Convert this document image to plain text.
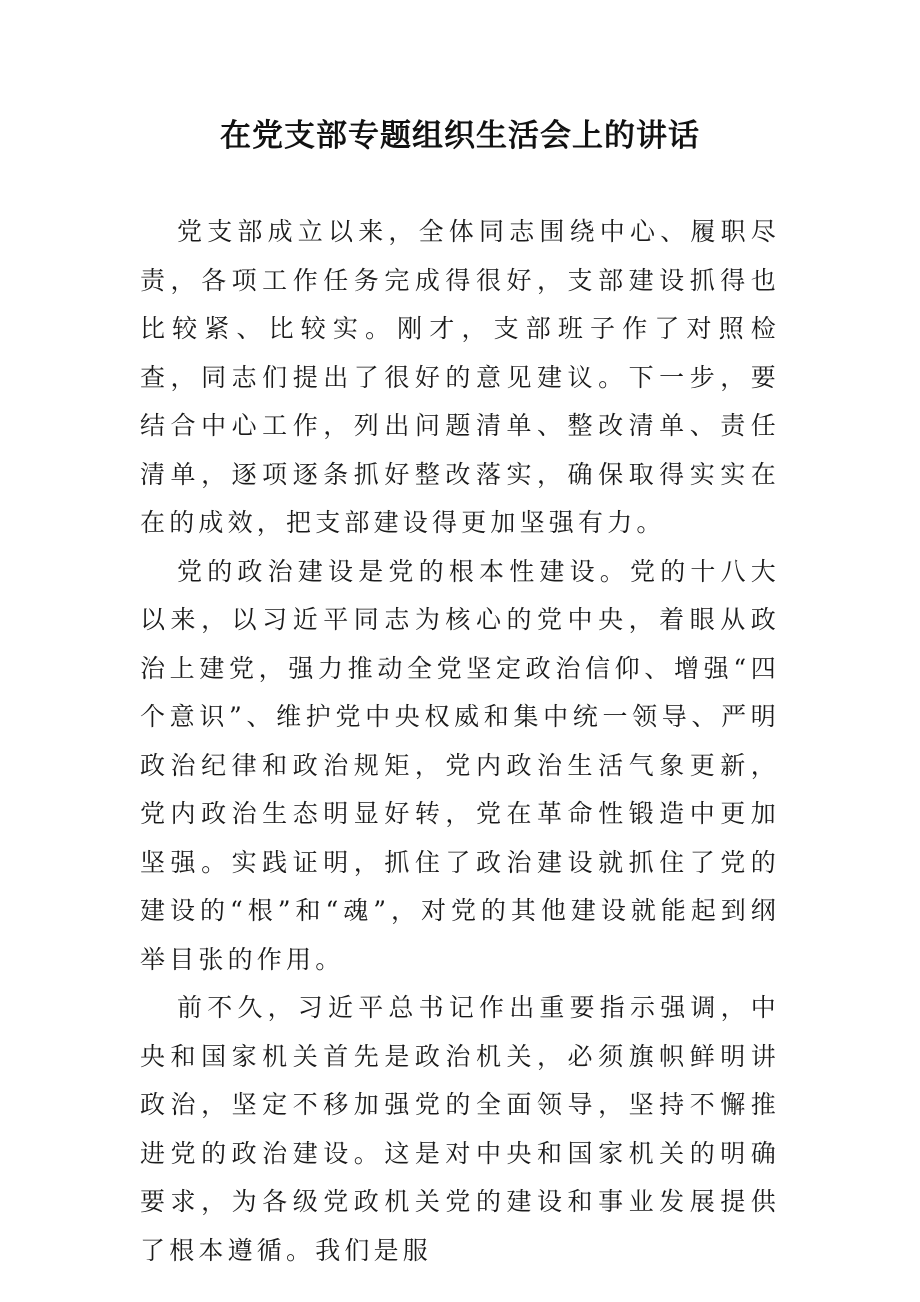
在党支部专题组织生活会上的讲话

党支部成立以来，全体同志围绕中心、履职尽责，各项工作任务完成得很好，支部建设抓得也比较紧、比较实。刚才，支部班子作了对照检查，同志们提出了很好的意见建议。下一步，要结合中心工作，列出问题清单、整改清单、责任清单，逐项逐条抓好整改落实，确保取得实实在在的成效，把支部建设得更加坚强有力。

党的政治建设是党的根本性建设。党的十八大以来，以习近平同志为核心的党中央，着眼从政治上建党，强力推动全党坚定政治信仰、增强“四个意识”、维护党中央权威和集中统一领导、严明政治纪律和政治规矩，党内政治生活气象更新，党内政治生态明显好转，党在革命性锻造中更加坚强。实践证明，抓住了政治建设就抓住了党的建设的“根”和“魂”，对党的其他建设就能起到纲举目张的作用。

前不久，习近平总书记作出重要指示强调，中央和国家机关首先是政治机关，必须旗帜鲜明讲政治，坚定不移加强党的全面领导，坚持不懈推进党的政治建设。这是对中央和国家机关的明确要求，为各级党政机关党的建设和事业发展提供了根本遵循。我们是服
